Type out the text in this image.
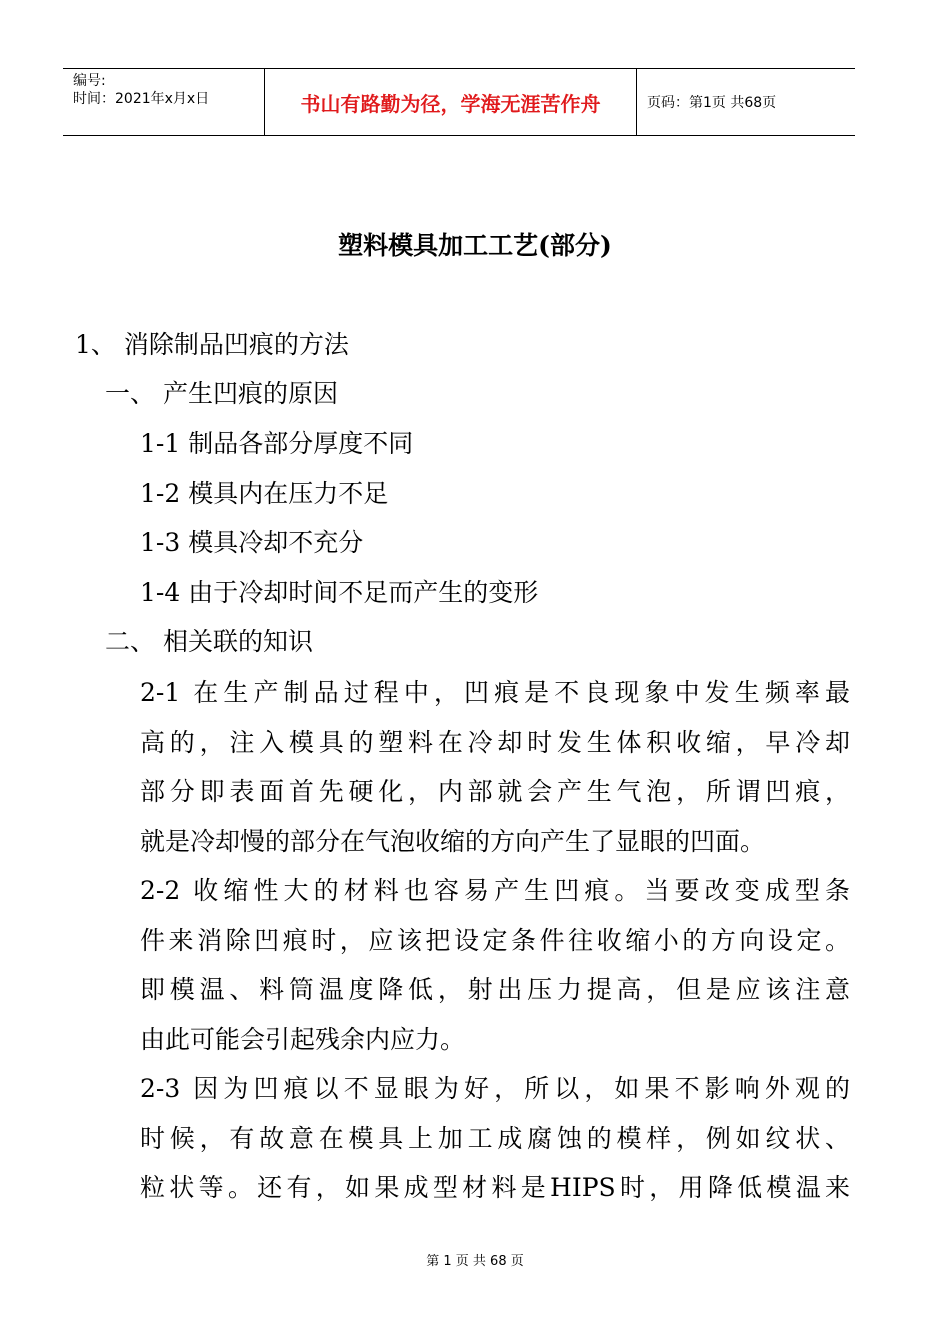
编号:
时间：2021年x月x日	书山有路勤为径，学海无涯苦作舟	页码：第1页 共68页
塑料模具加工工艺(部分)
1、 消除制品凹痕的方法
一、 产生凹痕的原因
1-1 制品各部分厚度不同
1-2 模具内在压力不足
1-3 模具冷却不充分
1-4 由于冷却时间不足而产生的变形
二、 相关联的知识
2-1 在生产制品过程中，凹痕是不良现象中发生频率最
高的，注入模具的塑料在冷却时发生体积收缩，早冷却
部分即表面首先硬化，内部就会产生气泡，所谓凹痕，
就是冷却慢的部分在气泡收缩的方向产生了显眼的凹面。
2-2 收缩性大的材料也容易产生凹痕。当要改变成型条
件来消除凹痕时，应该把设定条件往收缩小的方向设定。
即模温、料筒温度降低，射出压力提高，但是应该注意
由此可能会引起残余内应力。
2-3 因为凹痕以不显眼为好，所以，如果不影响外观的
时候，有故意在模具上加工成腐蚀的模样，例如纹状、
粒状等。还有，如果成型材料是HIPS时，用降低模温来
第 1 页 共 68 页
